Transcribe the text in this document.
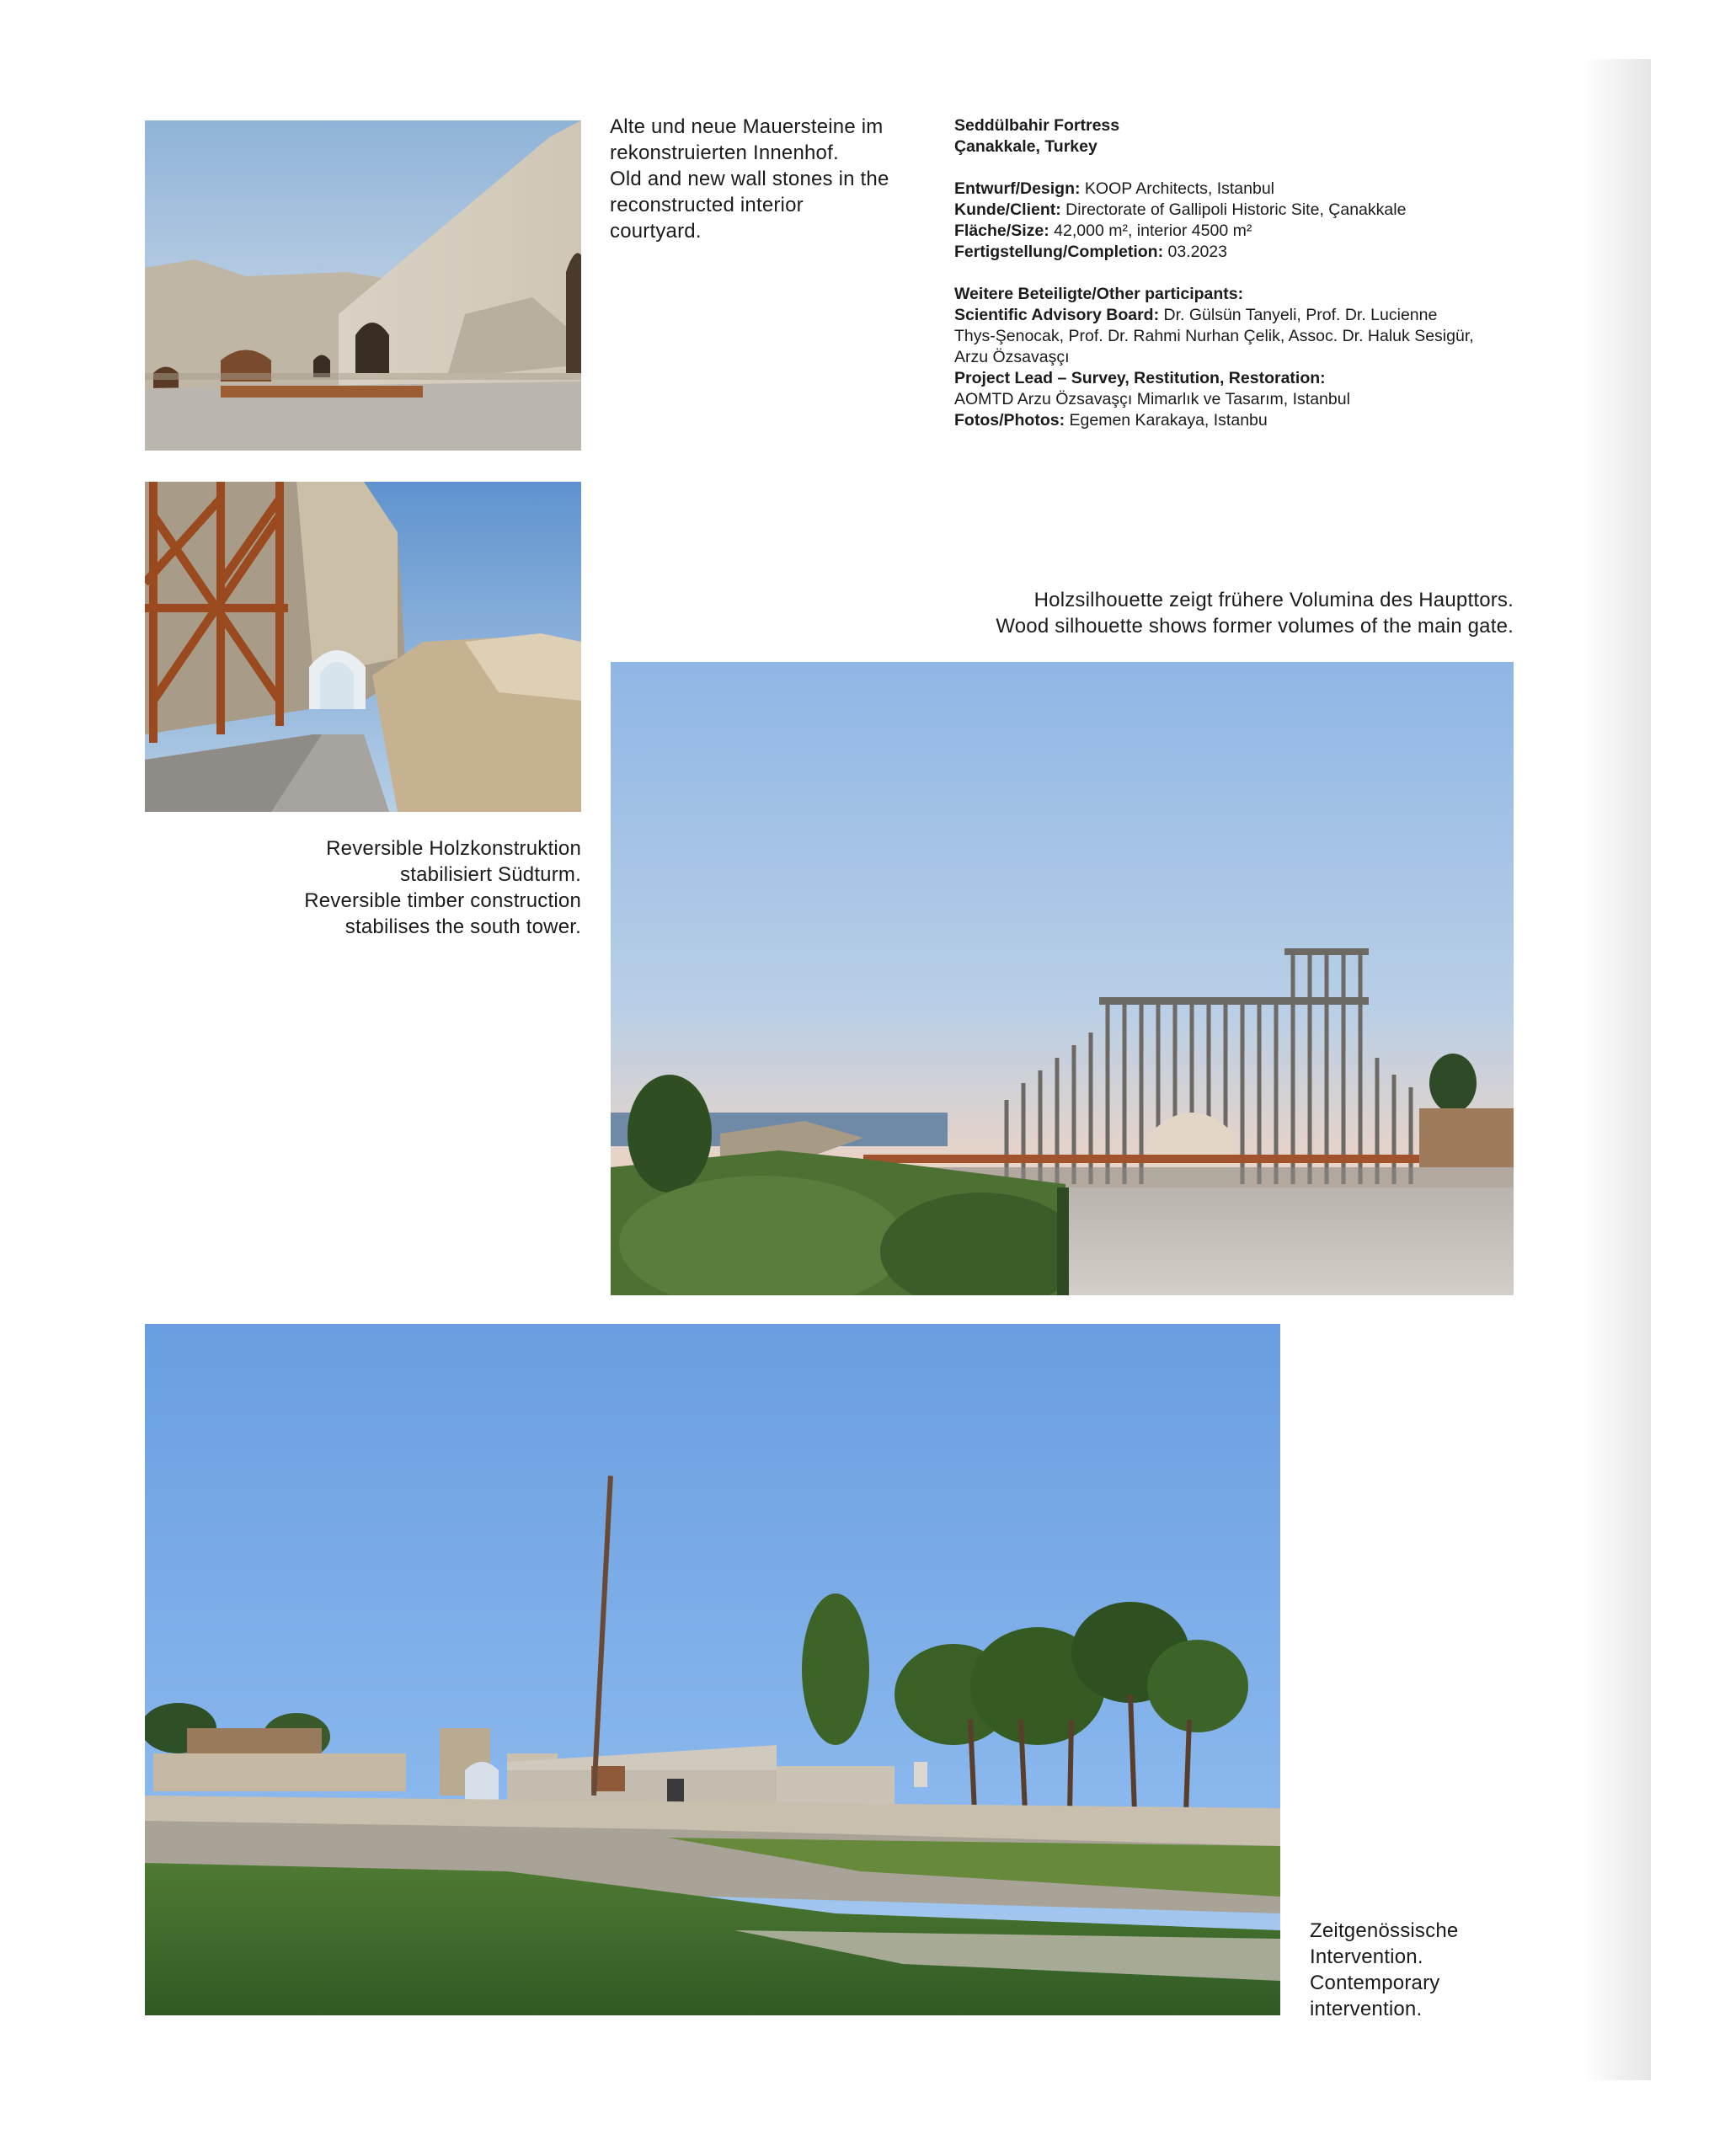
Alte und neue Mauersteine im
rekonstruierten Innenhof.
Old and new wall stones in the
reconstructed interior
courtyard.
Seddülbahir Fortress
Çanakkale, Turkey
Entwurf/Design: KOOP Architects, Istanbul
Kunde/Client: Directorate of Gallipoli Historic Site, Çanakkale
Fläche/Size: 42,000 m², interior 4500 m²
Fertigstellung/Completion: 03.2023
Weitere Beteiligte/Other participants:
Scientific Advisory Board: Dr. Gülsün Tanyeli, Prof. Dr. Lucienne
Thys-Şenocak, Prof. Dr. Rahmi Nurhan Çelik, Assoc. Dr. Haluk Sesigür,
Arzu Özsavaşçı
Project Lead – Survey, Restitution, Restoration:
AOMTD Arzu Özsavaşçı Mimarlık ve Tasarım, Istanbul
Fotos/Photos: Egemen Karakaya, Istanbu
Reversible Holzkonstruktion
stabilisiert Südturm.
Reversible timber construction
stabilises the south tower.
Holzsilhouette zeigt frühere Volumina des Haupttors.
Wood silhouette shows former volumes of the main gate.
Zeitgenössische
Intervention.
Contemporary
intervention.
